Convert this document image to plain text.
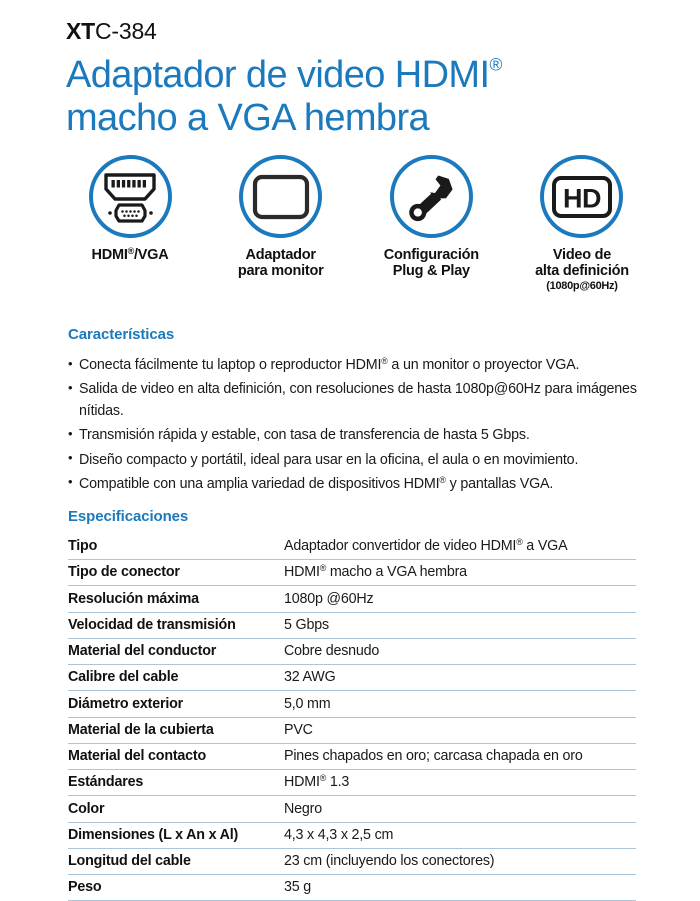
XTC-384
Adaptador de video HDMI®
macho a VGA hembra
HDMI®/VGA	Adaptador
para monitor
Configuración
Plug & Play
HD
Video de
alta definición
(1080p@60Hz)
Características
• Conecta fácilmente tu laptop o reproductor HDMI® a un monitor o proyector VGA.
• Salida de video en alta definición, con resoluciones de hasta 1080p@60Hz para imágenes nítidas.
• Transmisión rápida y estable, con tasa de transferencia de hasta 5 Gbps.
• Diseño compacto y portátil, ideal para usar en la oficina, el aula o en movimiento.
• Compatible con una amplia variedad de dispositivos HDMI® y pantallas VGA.
Especificaciones
Tipo	Adaptador convertidor de video HDMI® a VGA
Tipo de conector	HDMI® macho a VGA hembra
Resolución máxima	1080p @60Hz
Velocidad de transmisión	5 Gbps
Material del conductor	Cobre desnudo
Calibre del cable	32 AWG
Diámetro exterior	5,0 mm
Material de la cubierta	PVC
Material del contacto	Pines chapados en oro; carcasa chapada en oro
Estándares	HDMI® 1.3
Color	Negro
Dimensiones (L x An x Al)	4,3 x 4,3 x 2,5 cm
Longitud del cable	23 cm (incluyendo los conectores)
Peso	35 g
